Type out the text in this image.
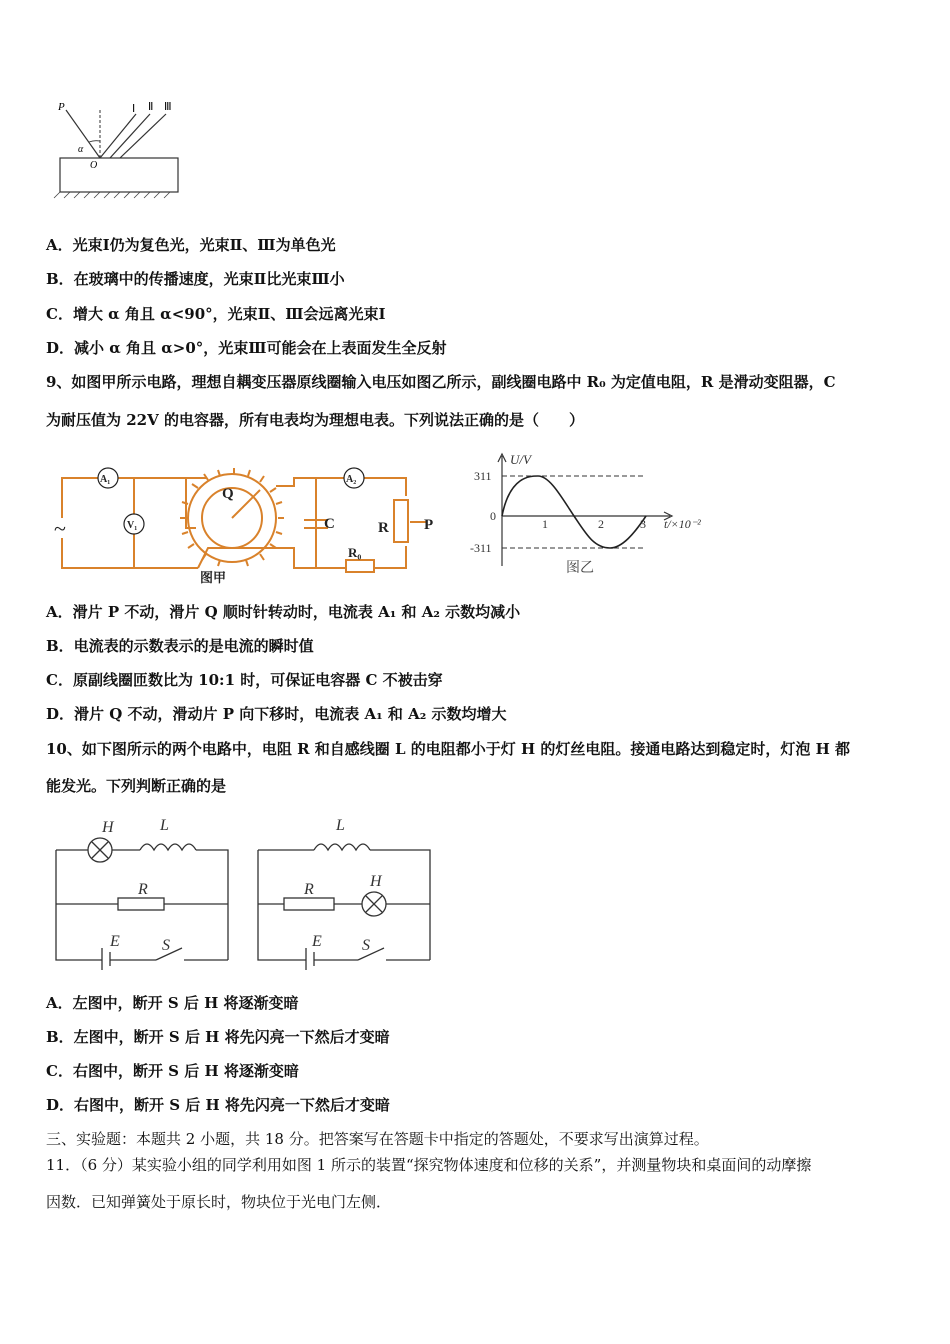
P
α
O
Ⅰ Ⅱ Ⅲ
A．光束Ⅰ仍为复色光，光束Ⅱ、Ⅲ为单色光
B．在玻璃中的传播速度，光束Ⅱ比光束Ⅲ小
C．增大 α 角且 α<90°，光束Ⅱ、Ⅲ会远离光束Ⅰ
D．减小 α 角且 α>0°，光束Ⅲ可能会在上表面发生全反射
9、如图甲所示电路，理想自耦变压器原线圈输入电压如图乙所示，副线圈电路中 R₀ 为定值电阻，R 是滑动变阻器，C
为耐压值为 22V 的电容器，所有电表均为理想电表。下列说法正确的是（　　）
~
A₁
V₁
A₂
Q
C	R P
R₀
图甲
U/V
311
0
-311
1	2	3 t/×10⁻²
图乙
A．滑片 P 不动，滑片 Q 顺时针转动时，电流表 A₁ 和 A₂ 示数均减小
B．电流表的示数表示的是电流的瞬时值
C．原副线圈匝数比为 10:1 时，可保证电容器 C 不被击穿
D．滑片 Q 不动，滑动片 P 向下移时，电流表 A₁ 和 A₂ 示数均增大
10、如下图所示的两个电路中，电阻 R 和自感线圈 L 的电阻都小于灯 H 的灯丝电阻。接通电路达到稳定时，灯泡 H 都
能发光。下列判断正确的是
H	L
R
E	S
L
R	H
E	S
A．左图中，断开 S 后 H 将逐渐变暗
B．左图中，断开 S 后 H 将先闪亮一下然后才变暗
C．右图中，断开 S 后 H 将逐渐变暗
D．右图中，断开 S 后 H 将先闪亮一下然后才变暗
三、实验题：本题共 2 小题，共 18 分。把答案写在答题卡中指定的答题处，不要求写出演算过程。
11．（6 分）某实验小组的同学利用如图 1 所示的装置“探究物体速度和位移的关系”，并测量物块和桌面间的动摩擦
因数．已知弹簧处于原长时，物块位于光电门左侧．
